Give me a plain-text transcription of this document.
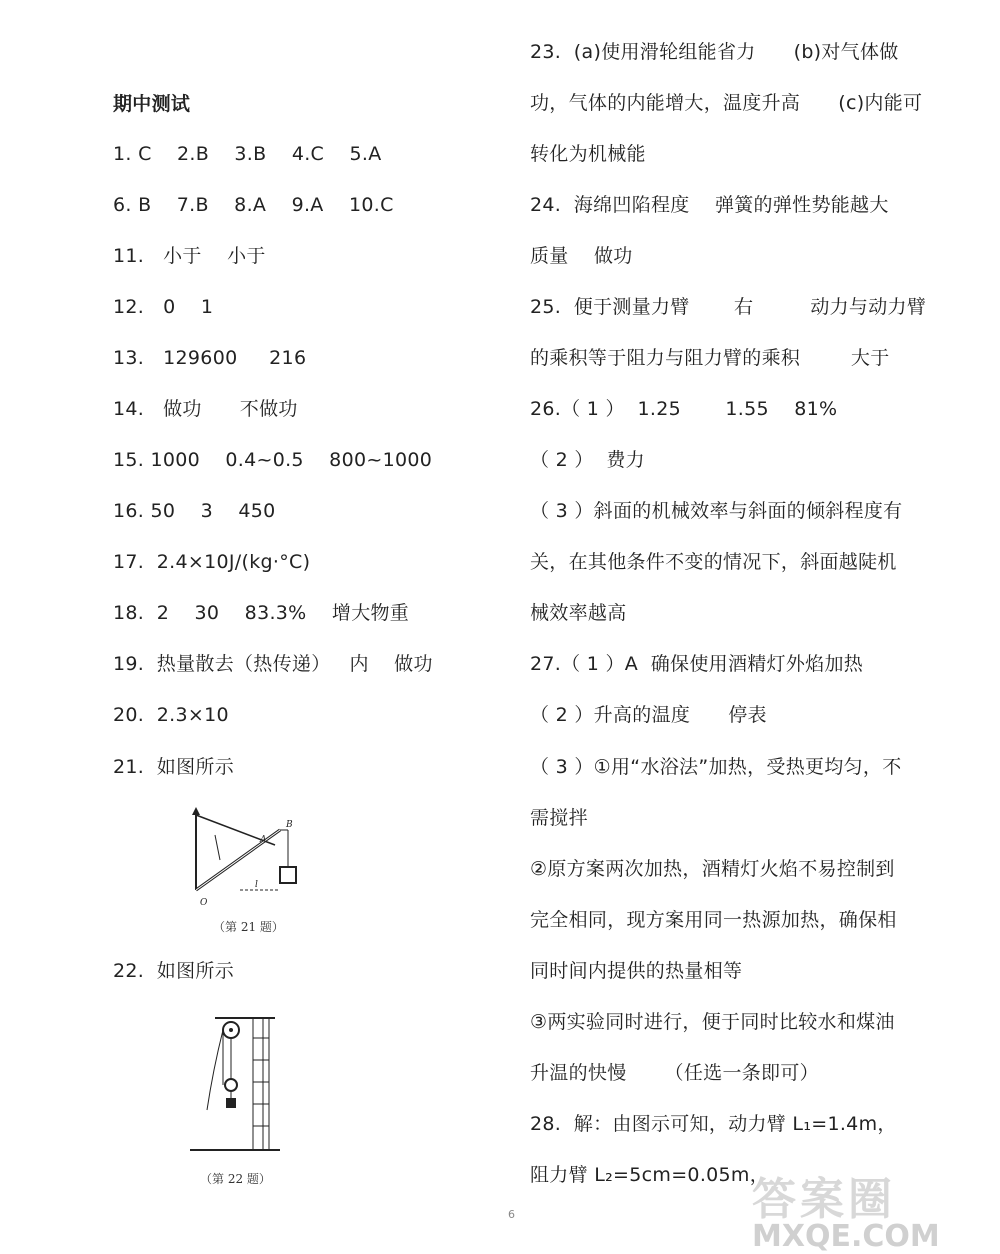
期中测试
1. C    2.B    3.B    4.C    5.A
6. B    7.B    8.A    9.A    10.C
11.   小于    小于
12.   0    1
13.   129600     216
14.   做功      不做功
15. 1000    0.4~0.5    800~1000
16. 50    3    450
17.  2.4×10J/(kg·°C)
18.  2    30    83.3%    增大物重
19.  热量散去（热传递）   内    做功
20.  2.3×10
21.  如图所示
A
B
O
l
（第 21 题）
22.  如图所示
（第 22 题）
23.  (a)使用滑轮组能省力      (b)对气体做
功，气体的内能增大，温度升高      (c)内能可
转化为机械能
24.  海绵凹陷程度    弹簧的弹性势能越大
质量    做功
25.  便于测量力臂       右         动力与动力臂
的乘积等于阻力与阻力臂的乘积        大于
26.（ 1 ）  1.25       1.55    81%
（ 2 ）  费力
（ 3 ）斜面的机械效率与斜面的倾斜程度有
关，在其他条件不变的情况下，斜面越陡机
械效率越高
27.（ 1 ）A  确保使用酒精灯外焰加热
（ 2 ）升高的温度      停表
（ 3 ）①用“水浴法”加热，受热更均匀，不
需搅拌
②原方案两次加热，酒精灯火焰不易控制到
完全相同，现方案用同一热源加热，确保相
同时间内提供的热量相等
③两实验同时进行，便于同时比较水和煤油
升温的快慢      （任选一条即可）
28.  解：由图示可知，动力臂 L₁=1.4m，
阻力臂 L₂=5cm=0.05m，
6	答案圈
MXQE.COM
